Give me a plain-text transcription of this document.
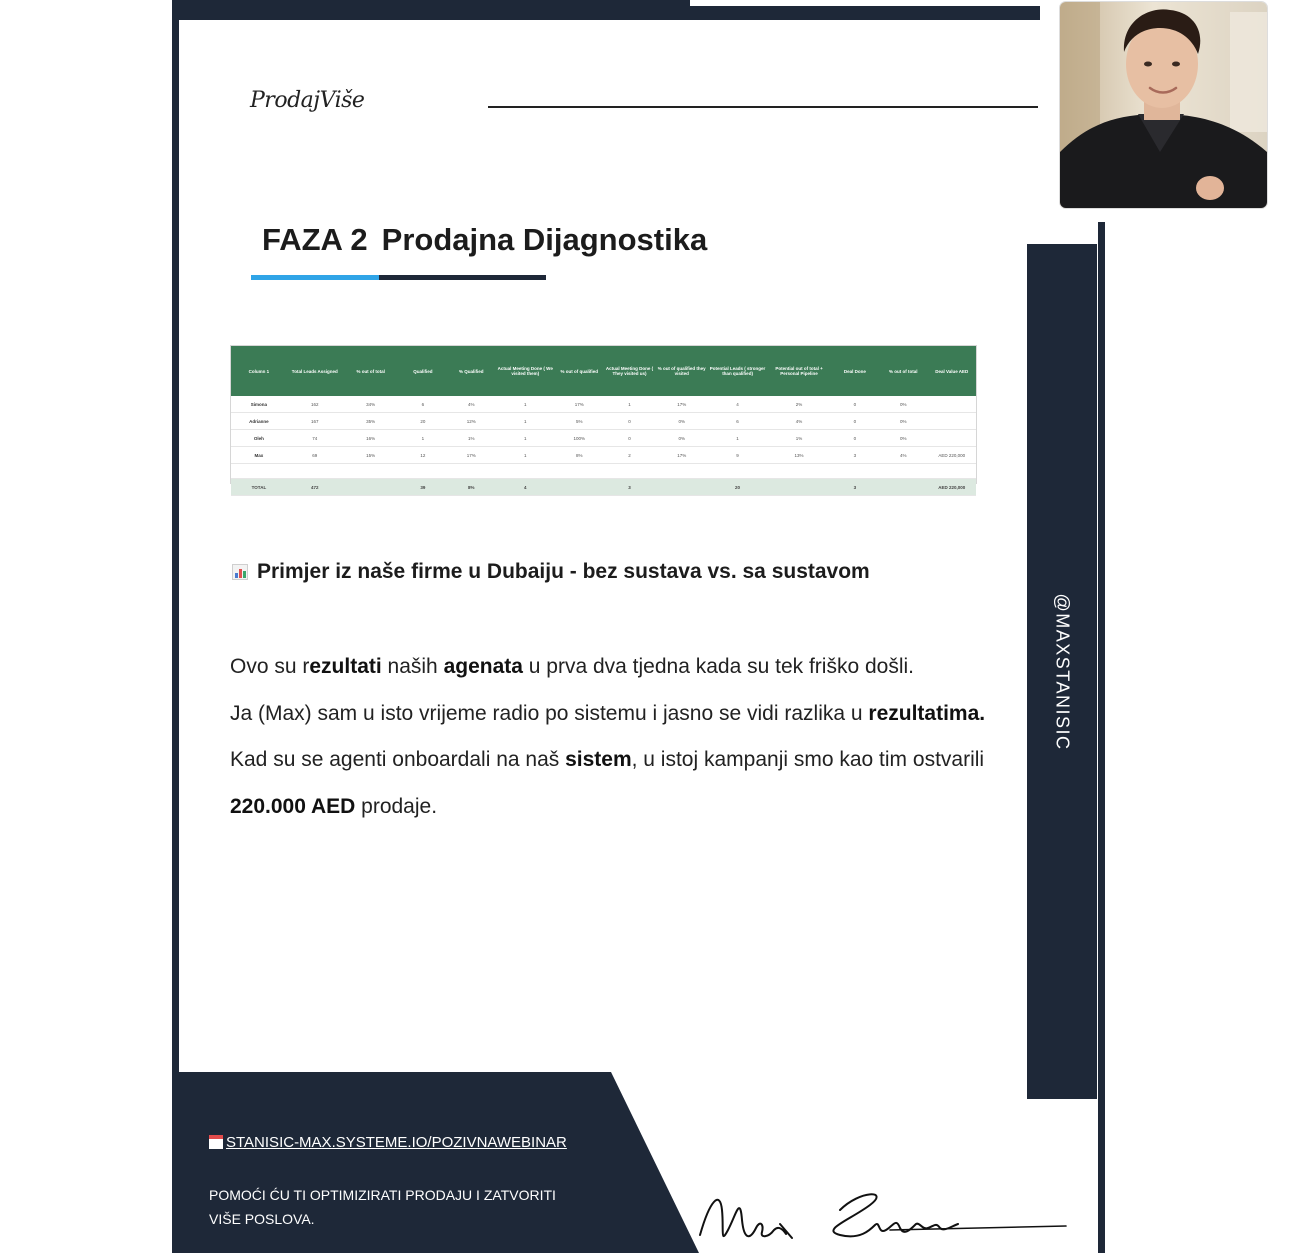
ProdajViše
@MAXSTANISIC
FAZA 2 Prodajna Dijagnostika
Column 1	Total Leads Assigned	% out of total	Qualified	% Qualified	Actual Meeting Done ( We visited them)	% out of qualified	Actual Meeting Done ( They visited us)	% out of qualified they visited	Potential Leads ( stronger than qualified)	Potential out of total + Personal Pipeline	Deal Done	% out of total	Deal Value AED
Simona	162	34%	6	4%	1	17%	1	17%	4	2%	0	0%	
Adrianne	167	35%	20	12%	1	5%	0	0%	6	4%	0	0%	
Oleh	74	16%	1	1%	1	100%	0	0%	1	1%	0	0%	
Max	69	15%	12	17%	1	8%	2	17%	9	13%	3	4%	AED 220,000

TOTAL	472		39	8%	4		3		20		3		AED 220,000
Primjer iz naše firme u Dubaiju - bez sustava vs. sa sustavom

Ovo su rezultati naših agenata u prva dva tjedna kada su tek friško došli.

Ja (Max) sam u isto vrijeme radio po sistemu i jasno se vidi razlika u rezultatima.

Kad su se agenti onboardali na naš sistem, u istoj kampanji smo kao tim ostvarili 220.000 AED prodaje.

STANISIC-MAX.SYSTEME.IO/POZIVNAWEBINAR
POMOĆI ĆU TI OPTIMIZIRATI PRODAJU I ZATVORITI VIŠE POSLOVA.
